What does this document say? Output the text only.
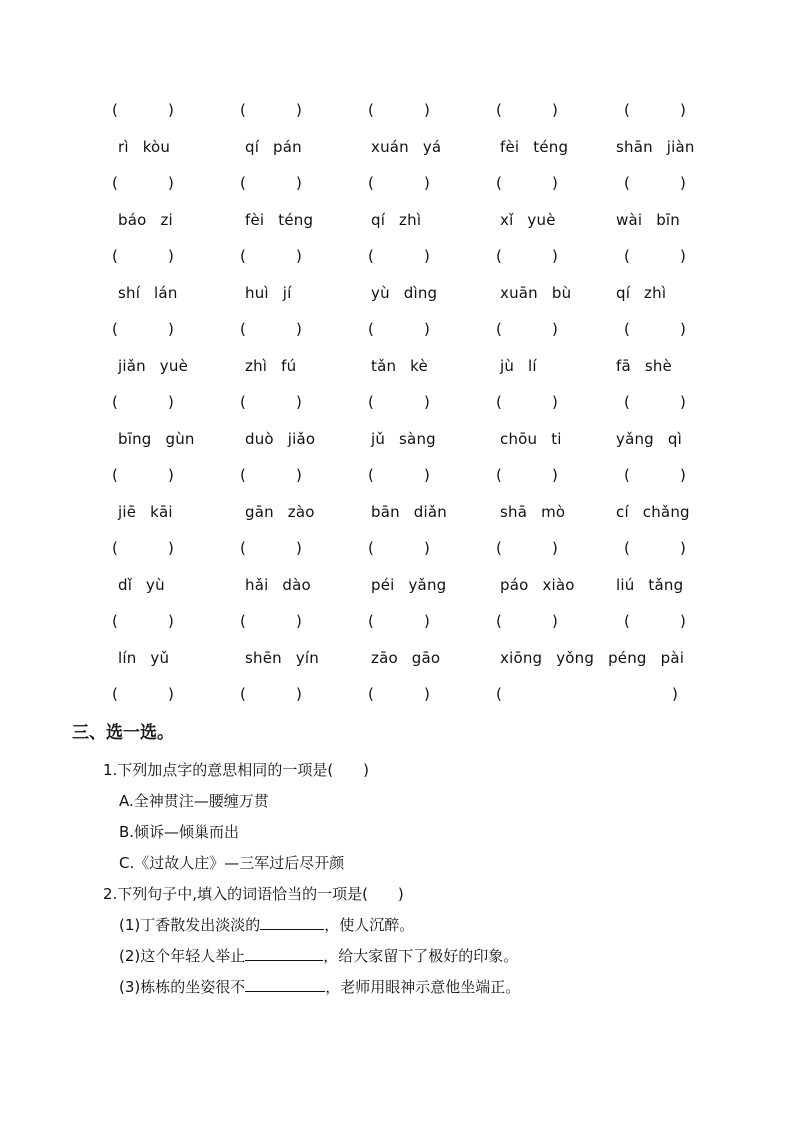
(	)	(	)	(	)	(	)	(	)
rì kòu	qí pán	xuán yá	fèi téng	shān jiàn
(	)	(	)	(	)	(	)	(	)
báo zi	fèi téng	qí zhì	xǐ yuè	wài bīn
(	)	(	)	(	)	(	)	(	)
shí lán	huì jí	yù dìng	xuān bù	qí zhì
(	)	(	)	(	)	(	)	(	)
jiǎn yuè	zhì fú	tǎn kè	jù lí	fā shè
(	)	(	)	(	)	(	)	(	)
bīng gùn	duò jiǎo	jǔ sàng	chōu ti	yǎng qì
(	)	(	)	(	)	(	)	(	)
jiē kāi	gān zào	bān diǎn	shā mò	cí chǎng
(	)	(	)	(	)	(	)	(	)
dǐ yù	hǎi dào	péi yǎng	páo xiào	liú tǎng
(	)	(	)	(	)	(	)	(	)
lín yǔ	shēn yín	zāo gāo	xiōng yǒng péng pài
(	)	(	)	(	)	(	)
三、选一选。
1.下列加点字的意思相同的一项是(　　)
A.全神贯注—腰缠万贯
B.倾诉—倾巢而出
C.《过故人庄》—三军过后尽开颜
2.下列句子中,填入的词语恰当的一项是(　　)
(1)丁香散发出淡淡的	，使人沉醉。
(2)这个年轻人举止	，给大家留下了极好的印象。
(3)栋栋的坐姿很不	，老师用眼神示意他坐端正。
